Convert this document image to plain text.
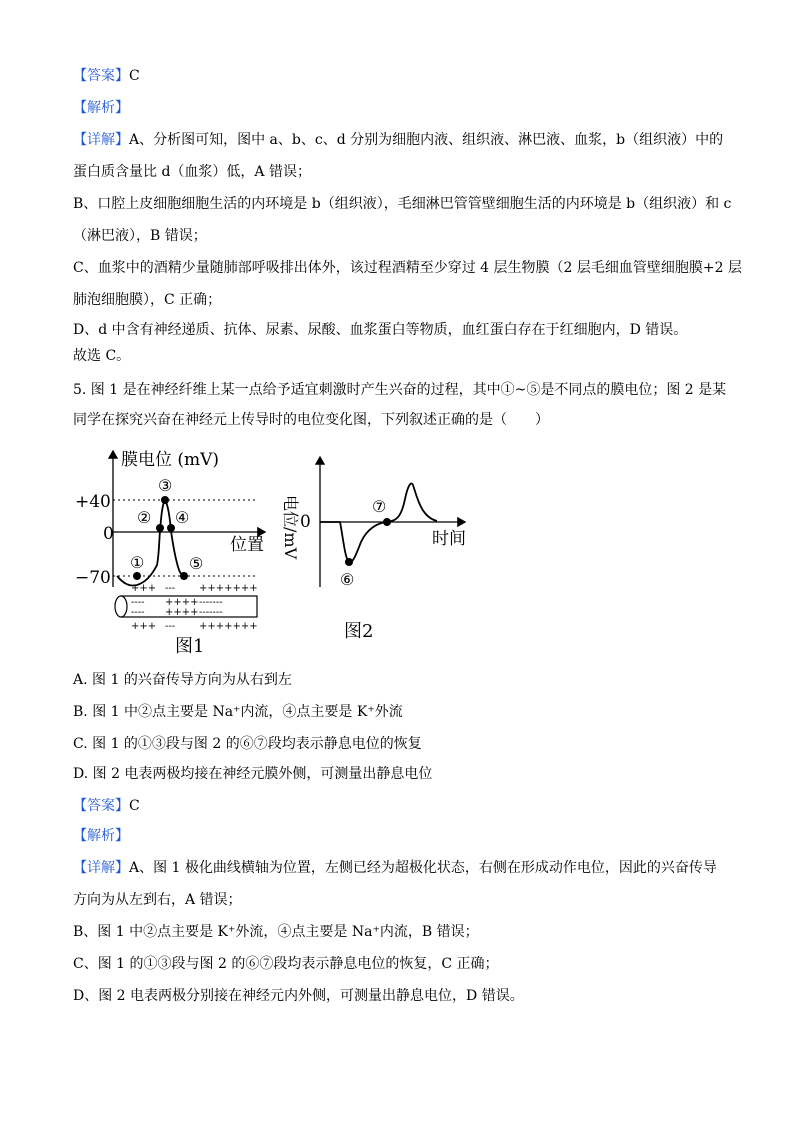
【答案】C
【解析】
【详解】A、分析图可知，图中 a、b、c、d 分别为细胞内液、组织液、淋巴液、血浆，b（组织液）中的
蛋白质含量比 d（血浆）低，A 错误；
B、口腔上皮细胞细胞生活的内环境是 b（组织液），毛细淋巴管管壁细胞生活的内环境是 b（组织液）和 c
（淋巴液），B 错误；
C、血浆中的酒精少量随肺部呼吸排出体外，该过程酒精至少穿过 4 层生物膜（2 层毛细血管壁细胞膜+2 层
肺泡细胞膜），C 正确；
D、d 中含有神经递质、抗体、尿素、尿酸、血浆蛋白等物质，血红蛋白存在于红细胞内，D 错误。
故选 C。
5. 图 1 是在神经纤维上某一点给予适宜刺激时产生兴奋的过程，其中①~⑤是不同点的膜电位；图 2 是某
同学在探究兴奋在神经元上传导时的电位变化图，下列叙述正确的是（　　）
膜电位 (mV)
位置
+40
0
−70
①
②
③
④
⑤
+++ --- +++++++
---- ++++ -------
---- ++++ -------
+++ --- +++++++
图1
0
电位/mV	时间
⑥
⑦
图2
A. 图 1 的兴奋传导方向为从右到左
B. 图 1 中②点主要是 Na⁺内流，④点主要是 K⁺外流
C. 图 1 的①③段与图 2 的⑥⑦段均表示静息电位的恢复
D. 图 2 电表两极均接在神经元膜外侧，可测量出静息电位
【答案】C
【解析】
【详解】A、图 1 极化曲线横轴为位置，左侧已经为超极化状态，右侧在形成动作电位，因此的兴奋传导
方向为从左到右，A 错误；
B、图 1 中②点主要是 K⁺外流，④点主要是 Na⁺内流，B 错误；
C、图 1 的①③段与图 2 的⑥⑦段均表示静息电位的恢复，C 正确；
D、图 2 电表两极分别接在神经元内外侧，可测量出静息电位，D 错误。
